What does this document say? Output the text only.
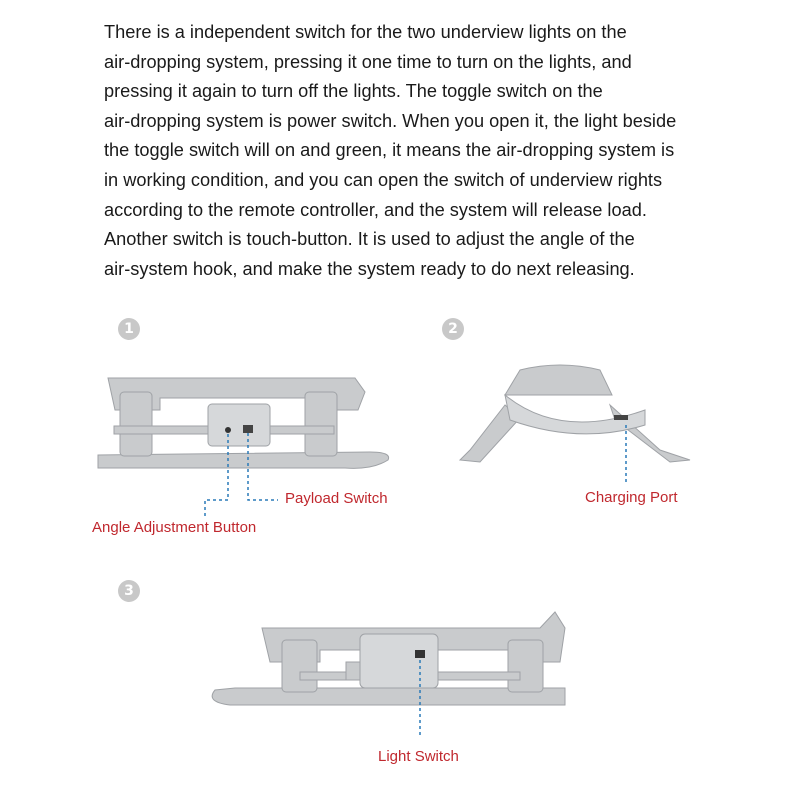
There is a independent switch for the two underview lights on the
air-dropping system, pressing it one time to turn on the lights, and
pressing it again to turn off the lights. The toggle switch on the
air-dropping system is power switch. When you open it, the light beside
the toggle switch will on and green, it means the air-dropping system is
in working condition, and you can open the switch of underview rights
according to the remote controller, and the system will release load.
Another switch is touch-button. It is used to adjust the angle of the
air-system hook, and make the system ready to do next releasing.
1
Payload Switch
Angle Adjustment Button
2
Charging Port
3
Light Switch
